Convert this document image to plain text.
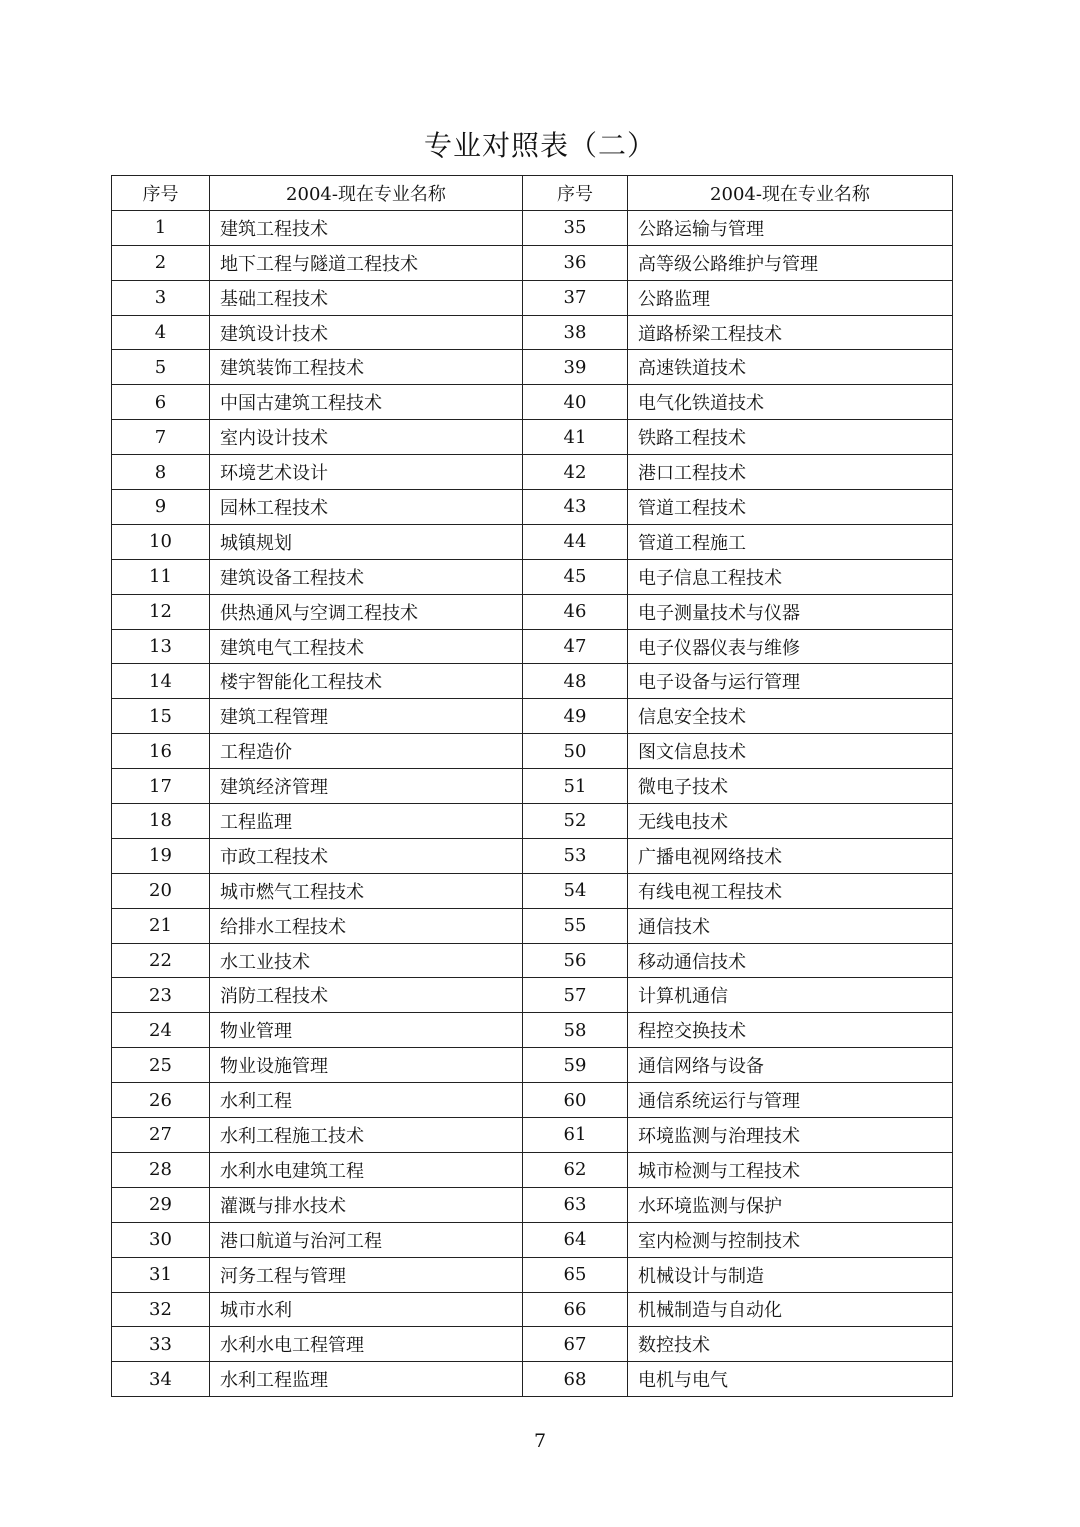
专业对照表（二）
序号	2004-现在专业名称	序号	2004-现在专业名称
1	建筑工程技术	35	公路运输与管理
2	地下工程与隧道工程技术	36	高等级公路维护与管理
3	基础工程技术	37	公路监理
4	建筑设计技术	38	道路桥梁工程技术
5	建筑装饰工程技术	39	高速铁道技术
6	中国古建筑工程技术	40	电气化铁道技术
7	室内设计技术	41	铁路工程技术
8	环境艺术设计	42	港口工程技术
9	园林工程技术	43	管道工程技术
10	城镇规划	44	管道工程施工
11	建筑设备工程技术	45	电子信息工程技术
12	供热通风与空调工程技术	46	电子测量技术与仪器
13	建筑电气工程技术	47	电子仪器仪表与维修
14	楼宇智能化工程技术	48	电子设备与运行管理
15	建筑工程管理	49	信息安全技术
16	工程造价	50	图文信息技术
17	建筑经济管理	51	微电子技术
18	工程监理	52	无线电技术
19	市政工程技术	53	广播电视网络技术
20	城市燃气工程技术	54	有线电视工程技术
21	给排水工程技术	55	通信技术
22	水工业技术	56	移动通信技术
23	消防工程技术	57	计算机通信
24	物业管理	58	程控交换技术
25	物业设施管理	59	通信网络与设备
26	水利工程	60	通信系统运行与管理
27	水利工程施工技术	61	环境监测与治理技术
28	水利水电建筑工程	62	城市检测与工程技术
29	灌溉与排水技术	63	水环境监测与保护
30	港口航道与治河工程	64	室内检测与控制技术
31	河务工程与管理	65	机械设计与制造
32	城市水利	66	机械制造与自动化
33	水利水电工程管理	67	数控技术
34	水利工程监理	68	电机与电气
7
